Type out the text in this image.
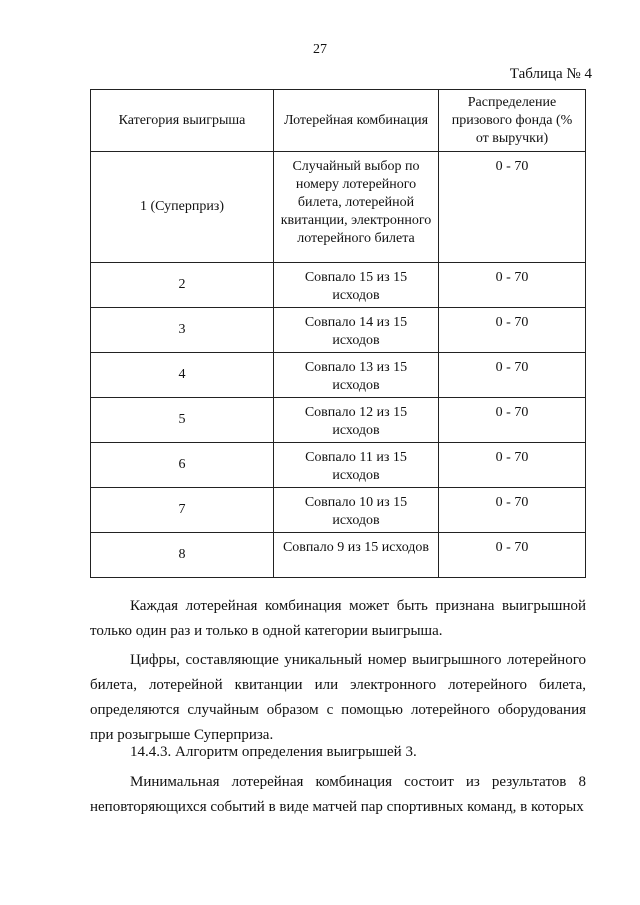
27
Таблица № 4
Категория выигрыша	Лотерейная комбинация	Распределение призового фонда (% от выручки)
1 (Суперприз)	Случайный выбор по номеру лотерейного билета, лотерейной квитанции, электронного лотерейного билета	0 - 70
2	Совпало 15 из 15 исходов	0 - 70
3	Совпало 14 из 15 исходов	0 - 70
4	Совпало 13 из 15 исходов	0 - 70
5	Совпало 12 из 15 исходов	0 - 70
6	Совпало 11 из 15 исходов	0 - 70
7	Совпало 10 из 15 исходов	0 - 70
8	Совпало 9 из 15 исходов	0 - 70

Каждая лотерейная комбинация может быть признана выигрышной только один раз и только в одной категории выигрыша.

Цифры, составляющие уникальный номер выигрышного лотерейного билета, лотерейной квитанции или электронного лотерейного билета, определяются случайным образом с помощью лотерейного оборудования при розыгрыше Суперприза.

14.4.3. Алгоритм определения выигрышей 3.

Минимальная лотерейная комбинация состоит из результатов 8 неповторяющихся событий в виде матчей пар спортивных команд, в которых
